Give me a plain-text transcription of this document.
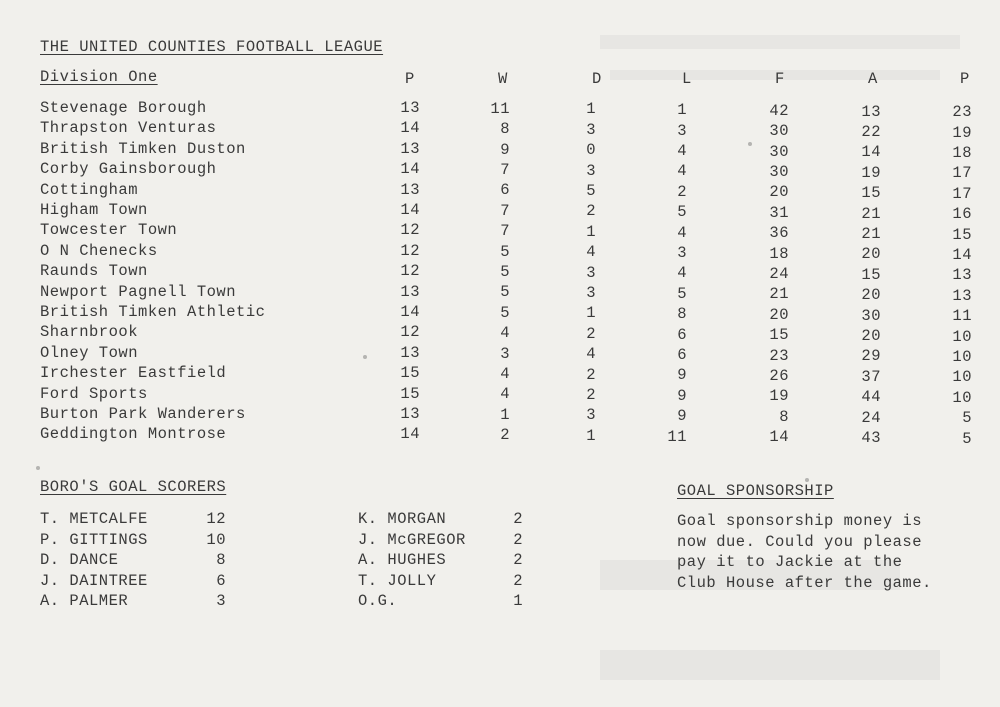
THE UNITED COUNTIES FOOTBALL LEAGUE
Division One	P	W	D	L	F	A	P
Stevenage Borough	13	11	1	1	42	13	23
Thrapston Venturas	14	8	3	3	30	22	19
British Timken Duston	13	9	0	4	30	14	18
Corby Gainsborough	14	7	3	4	30	19	17
Cottingham	13	6	5	2	20	15	17
Higham Town	14	7	2	5	31	21	16
Towcester Town	12	7	1	4	36	21	15
O N Chenecks	12	5	4	3	18	20	14
Raunds Town	12	5	3	4	24	15	13
Newport Pagnell Town	13	5	3	5	21	20	13
British Timken Athletic	14	5	1	8	20	30	11
Sharnbrook	12	4	2	6	15	20	10
Olney Town	13	3	4	6	23	29	10
Irchester Eastfield	15	4	2	9	26	37	10
Ford Sports	15	4	2	9	19	44	10
Burton Park Wanderers	13	1	3	9	8	24	5
Geddington Montrose	14	2	1	11	14	43	5
BORO'S GOAL SCORERS
T. METCALFE	12
P. GITTINGS	10
D. DANCE	8
J. DAINTREE	6
A. PALMER	3
K. MORGAN	2
J. McGREGOR	2
A. HUGHES	2
T. JOLLY	2
O.G.	1
GOAL SPONSORSHIP
Goal sponsorship money is
now due. Could you please
pay it to Jackie at the
Club House after the game.
